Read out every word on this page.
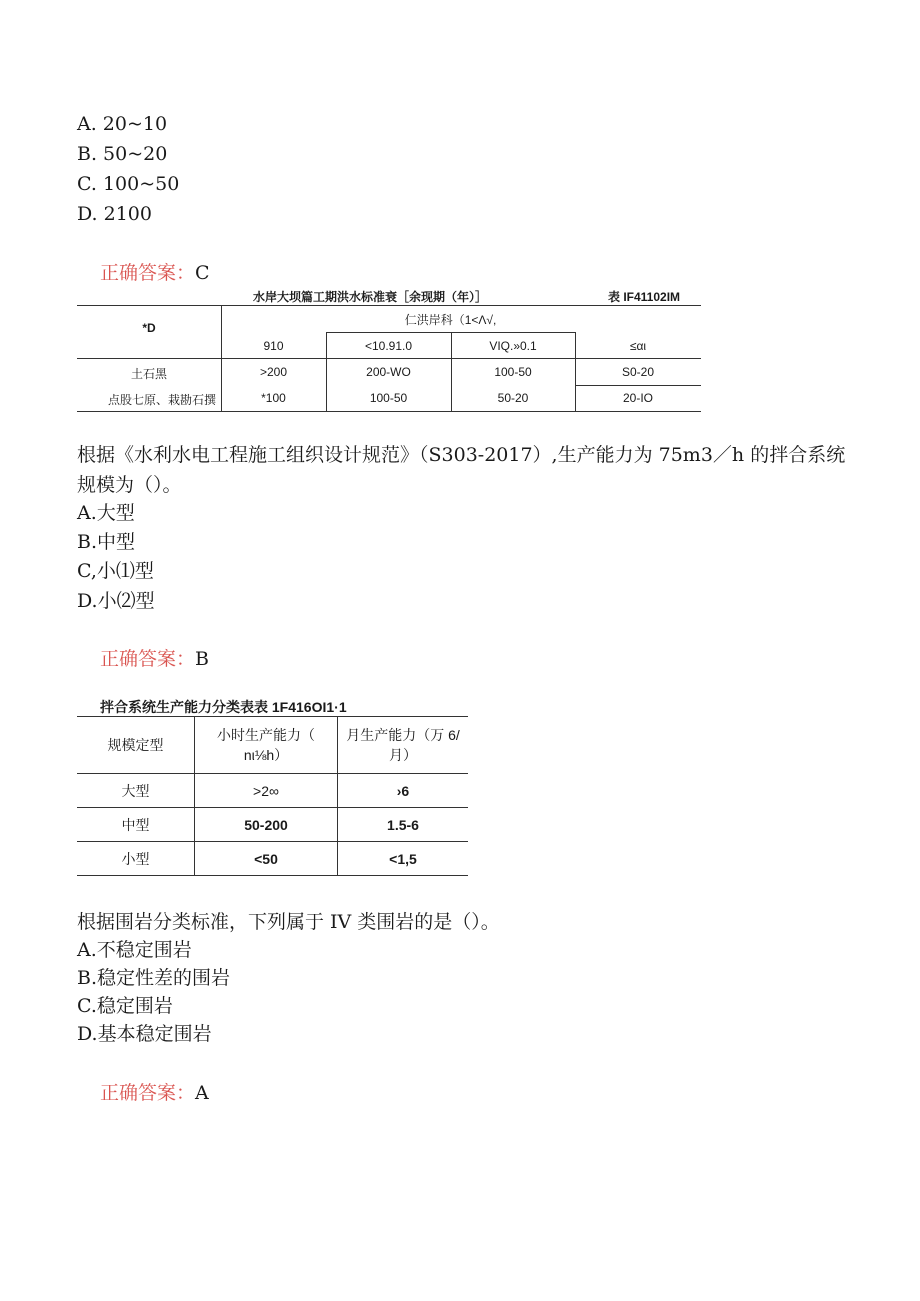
A. 20~10
B. 50~20
C. 100~50
D. 2100
正确答案：C
水岸大坝篇工期洪水标准衰［余现期（年）］	表 IF41102IM
*D
仁洪岸科（1<Λ√,
910	<10.91.0	VIQ.»0.1	≤αι
土石黑	>200	200-WO	100-50	S0-20
点股七原、栽勘石撰	*100	100-50	50-20	20-IO
根据《水利水电工程施工组织设计规范》（S303-2017）,生产能力为 75m3／h 的拌合系统
规模为（）。
A.大型
B.中型
C,小⑴型
D.小⑵型
正确答案：B
拌合系统生产能力分类表表 1F416OI1·1
规模定型	小时生产能力（
nι⅛h）	月生产能力（万 6/
月）
大型	>2∞	›6
中型	50-200	1.5-6
小型	<50	<1,5
根据围岩分类标准，下列属于 IV 类围岩的是（）。
A.不稳定围岩
B.稳定性差的围岩
C.稳定围岩
D.基本稳定围岩
正确答案：A
